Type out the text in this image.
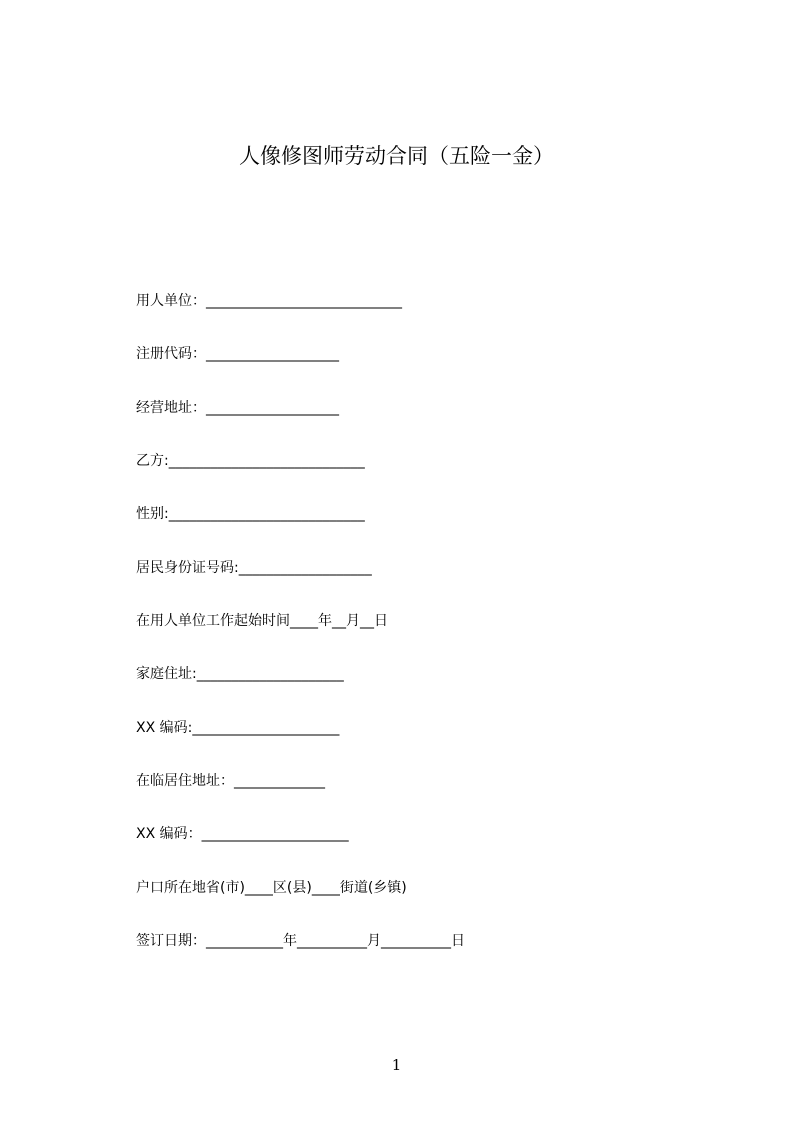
人像修图师劳动合同（五险一金）
用人单位：____________________________
注册代码：___________________
经营地址：___________________
乙方:____________________________
性别:____________________________
居民身份证号码:___________________
在用人单位工作起始时间____年__月__日
家庭住址:_____________________
XX 编码:_____________________
在临居住地址：_____________
XX 编码：_____________________
户口所在地省(市)____区(县)____街道(乡镇)
签订日期：___________年__________月__________日
1
